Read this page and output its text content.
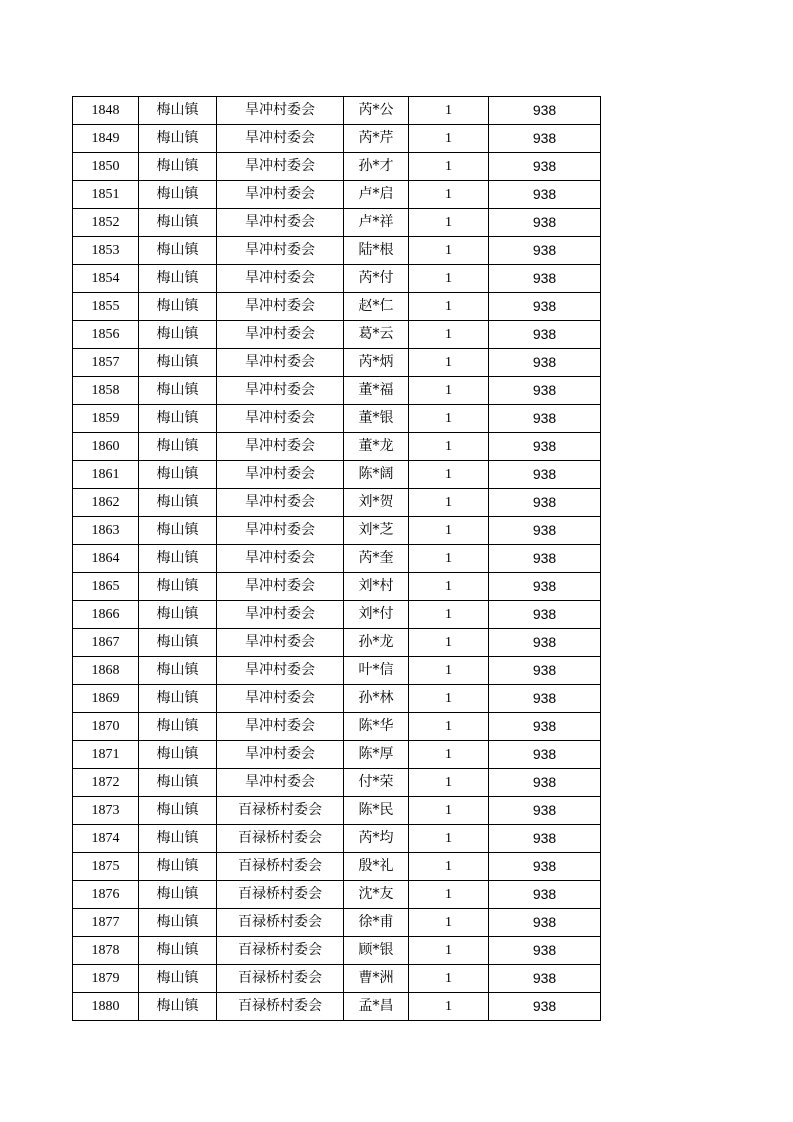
1848	梅山镇	旱冲村委会	芮*公	1	938
1849	梅山镇	旱冲村委会	芮*芹	1	938
1850	梅山镇	旱冲村委会	孙*才	1	938
1851	梅山镇	旱冲村委会	卢*启	1	938
1852	梅山镇	旱冲村委会	卢*祥	1	938
1853	梅山镇	旱冲村委会	陆*根	1	938
1854	梅山镇	旱冲村委会	芮*付	1	938
1855	梅山镇	旱冲村委会	赵*仁	1	938
1856	梅山镇	旱冲村委会	葛*云	1	938
1857	梅山镇	旱冲村委会	芮*炳	1	938
1858	梅山镇	旱冲村委会	董*福	1	938
1859	梅山镇	旱冲村委会	董*银	1	938
1860	梅山镇	旱冲村委会	董*龙	1	938
1861	梅山镇	旱冲村委会	陈*阔	1	938
1862	梅山镇	旱冲村委会	刘*贺	1	938
1863	梅山镇	旱冲村委会	刘*芝	1	938
1864	梅山镇	旱冲村委会	芮*奎	1	938
1865	梅山镇	旱冲村委会	刘*村	1	938
1866	梅山镇	旱冲村委会	刘*付	1	938
1867	梅山镇	旱冲村委会	孙*龙	1	938
1868	梅山镇	旱冲村委会	叶*信	1	938
1869	梅山镇	旱冲村委会	孙*林	1	938
1870	梅山镇	旱冲村委会	陈*华	1	938
1871	梅山镇	旱冲村委会	陈*厚	1	938
1872	梅山镇	旱冲村委会	付*荣	1	938
1873	梅山镇	百禄桥村委会	陈*民	1	938
1874	梅山镇	百禄桥村委会	芮*均	1	938
1875	梅山镇	百禄桥村委会	殷*礼	1	938
1876	梅山镇	百禄桥村委会	沈*友	1	938
1877	梅山镇	百禄桥村委会	徐*甫	1	938
1878	梅山镇	百禄桥村委会	顾*银	1	938
1879	梅山镇	百禄桥村委会	曹*洲	1	938
1880	梅山镇	百禄桥村委会	孟*昌	1	938
